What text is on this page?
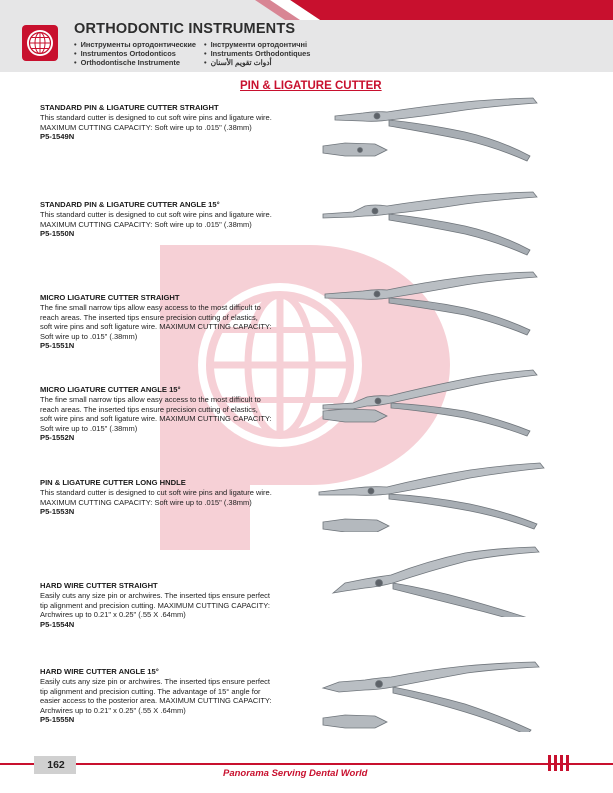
ORTHODONTIC INSTRUMENTS
• Инструменты ортодонтические	• Інструменти ортодонтичні
• Instrumentos Ortodonticos	• Instruments Orthodontiques
• Orthodontische Instrumente	• أدوات تقويم الأسنان
PIN & LIGATURE CUTTER
STANDARD PIN & LIGATURE CUTTER STRAIGHT
This standard cutter is designed to cut soft wire pins and ligature wire.
MAXIMUM CUTTING CAPACITY: Soft wire up to .015" (.38mm)
P5-1549N
STANDARD PIN & LIGATURE CUTTER ANGLE 15°
This standard cutter is designed to cut soft wire pins and ligature wire.
MAXIMUM CUTTING CAPACITY: Soft wire up to .015" (.38mm)
P5-1550N
MICRO LIGATURE CUTTER STRAIGHT
The fine small narrow tips allow easy access to the most difficult to
reach areas. The inserted tips ensure precision cutting of elastics,
soft wire pins and soft ligature wire. MAXIMUM CUTTING CAPACITY:
Soft wire up to .015" (.38mm)
P5-1551N
MICRO LIGATURE CUTTER ANGLE 15°
The fine small narrow tips allow easy access to the most difficult to
reach areas. The inserted tips ensure precision cutting of elastics,
soft wire pins and soft ligature wire. MAXIMUM CUTTING CAPACITY:
Soft wire up to .015" (.38mm)
P5-1552N
PIN & LIGATURE CUTTER LONG HNDLE
This standard cutter is designed to cut soft wire pins and ligature wire.
MAXIMUM CUTTING CAPACITY: Soft wire up to .015" (.38mm)
P5-1553N
HARD WIRE CUTTER STRAIGHT
Easily cuts any size pin or archwires. The inserted tips ensure perfect
tip alignment and precision cutting. MAXIMUM CUTTING CAPACITY:
Archwires up to 0.21" x 0.25" (.55 X .64mm)
P5-1554N
HARD WIRE CUTTER ANGLE 15°
Easily cuts any size pin or archwires. The inserted tips ensure perfect
tip alignment and precision cutting. The advantage of 15° angle for
easier access to the posterior area. MAXIMUM CUTTING CAPACITY:
Archwires up to 0.21" x 0.25" (.55 X .64mm)
P5-1555N
162
Panorama Serving Dental World
